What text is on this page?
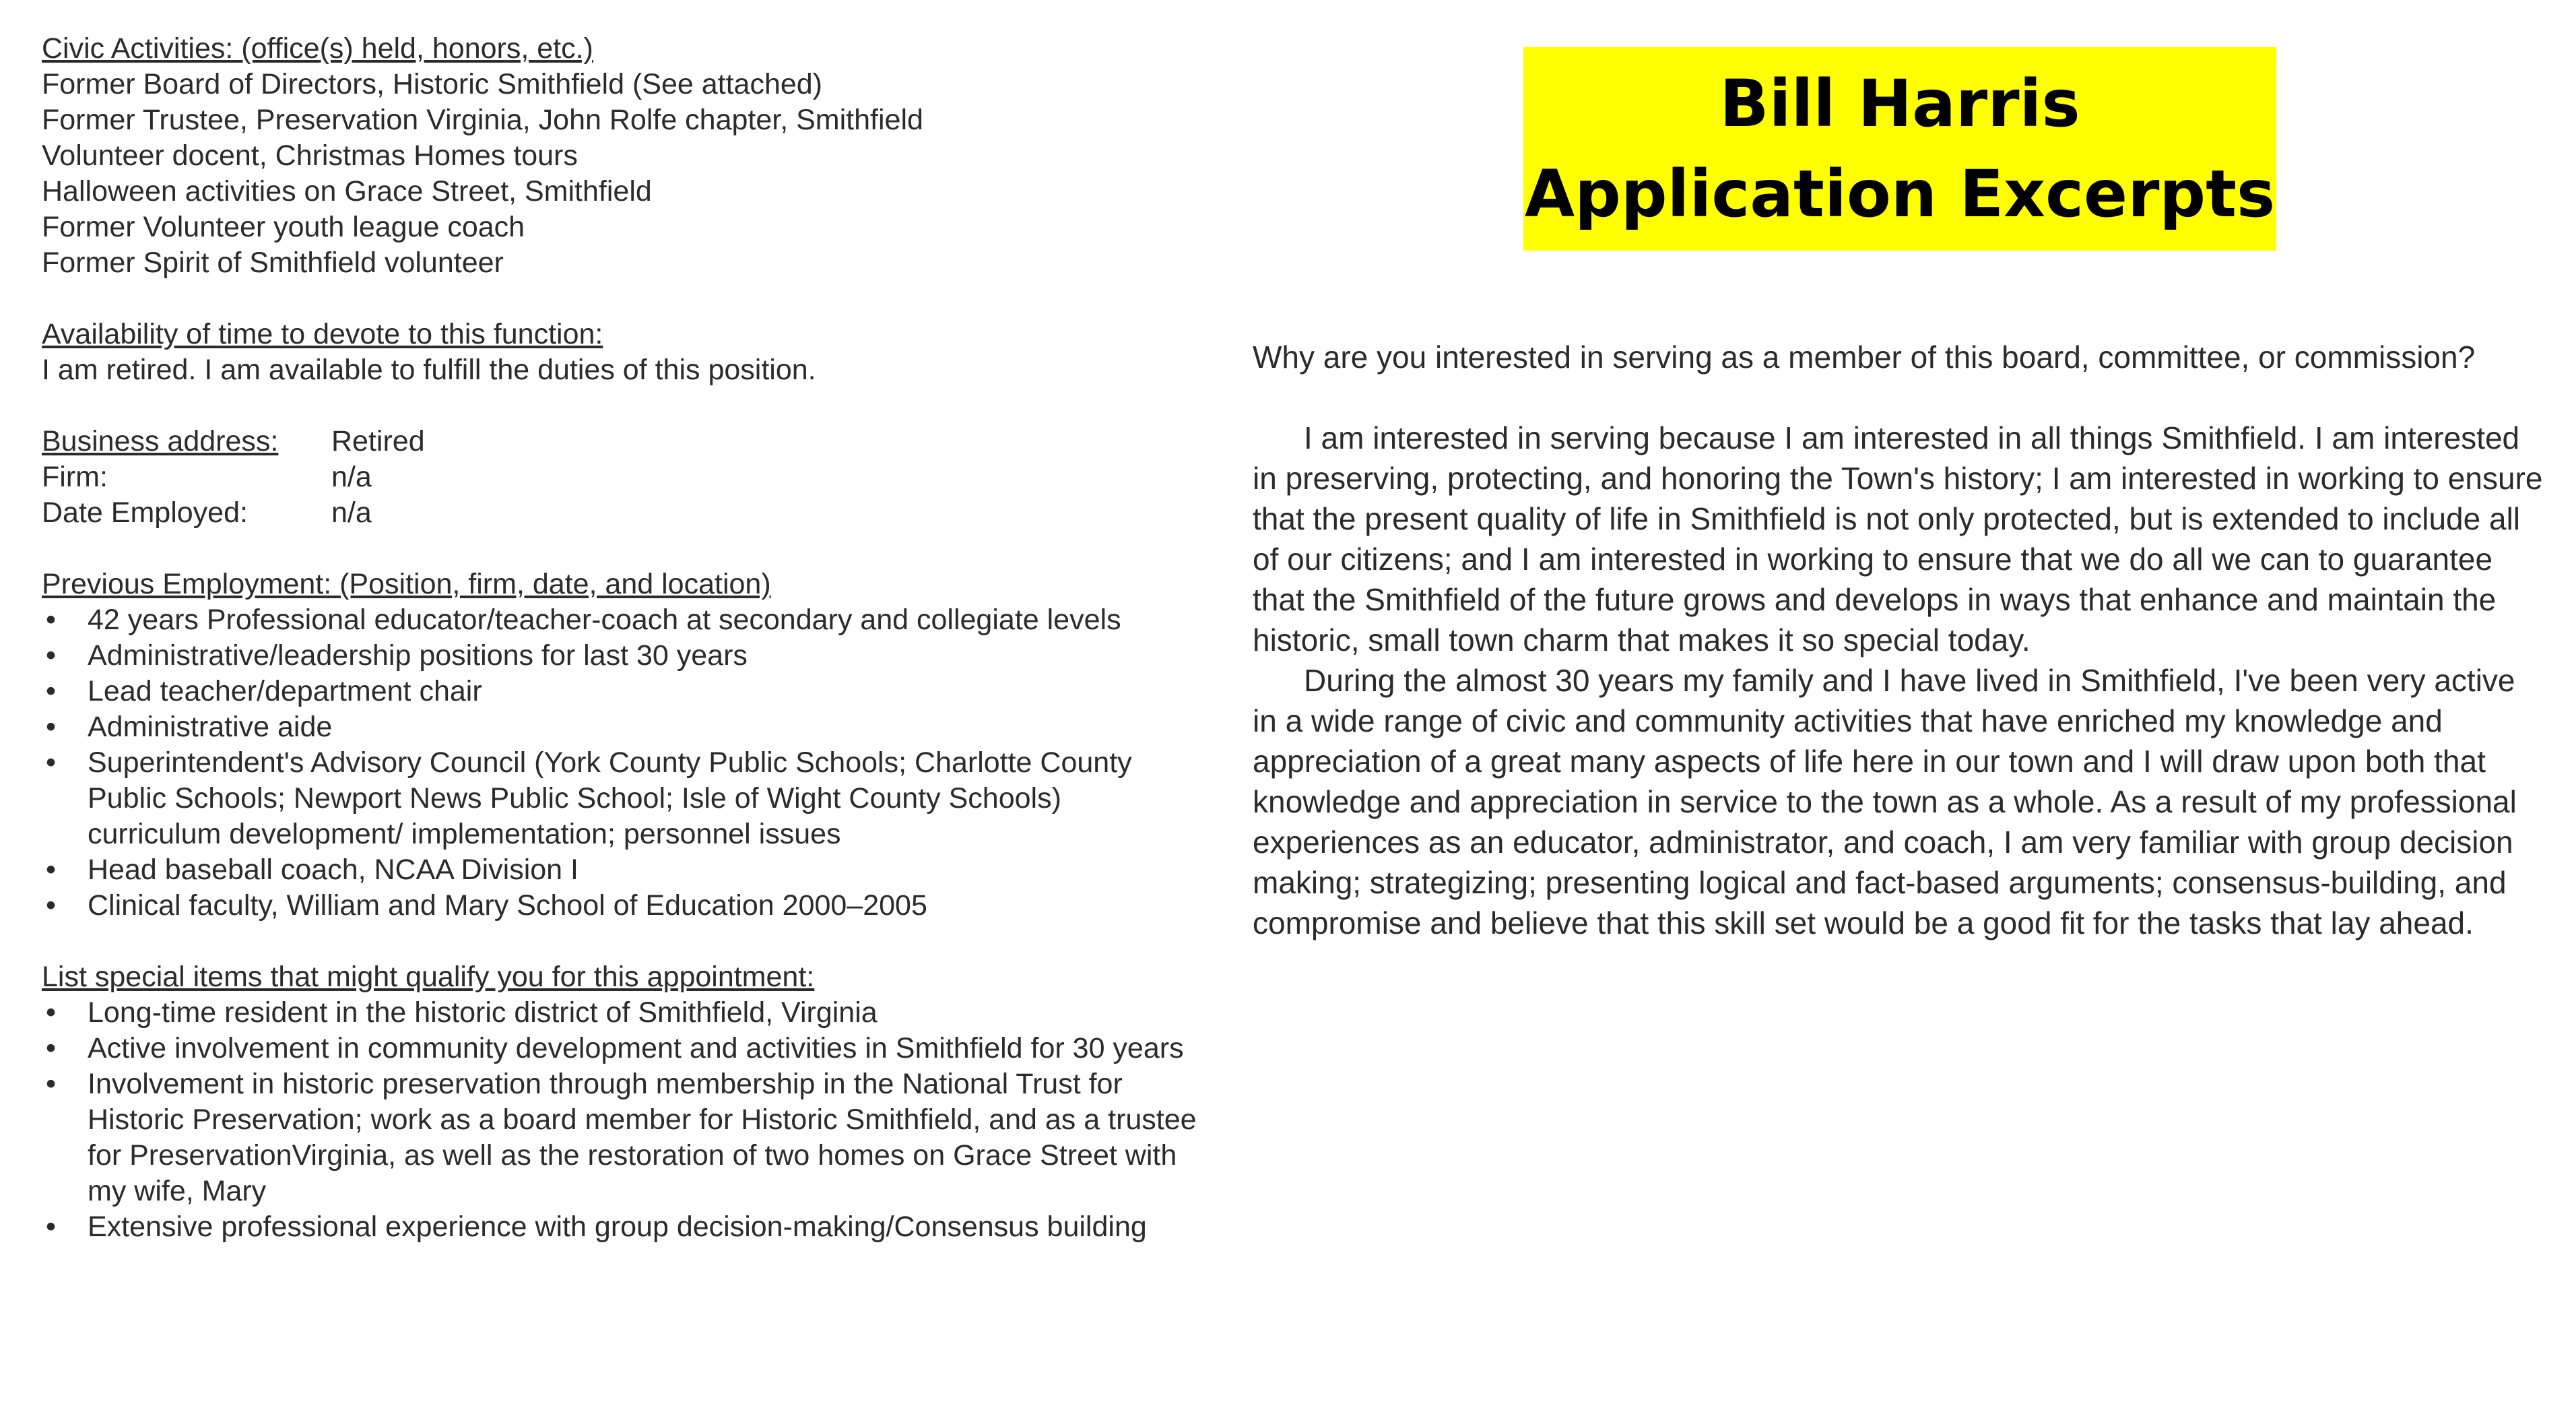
Civic Activities: (office(s) held, honors, etc.)
Former Board of Directors, Historic Smithfield (See attached)
Former Trustee, Preservation Virginia, John Rolfe chapter, Smithfield
Volunteer docent, Christmas Homes tours
Halloween activities on Grace Street, Smithfield
Former Volunteer youth league coach
Former Spirit of Smithfield volunteer
Availability of time to devote to this function:
I am retired. I am available to fulfill the duties of this position.
Business address:	Retired
Firm:	n/a
Date Employed:	n/a
Previous Employment: (Position, firm, date, and location)
• 42 years Professional educator/teacher-coach at secondary and collegiate levels
• Administrative/leadership positions for last 30 years
• Lead teacher/department chair
• Administrative aide
• Superintendent's Advisory Council (York County Public Schools; Charlotte County Public Schools; Newport News Public School; Isle of Wight County Schools) curriculum development/ implementation; personnel issues
• Head baseball coach, NCAA Division I
• Clinical faculty, William and Mary School of Education 2000–2005
List special items that might qualify you for this appointment:
• Long-time resident in the historic district of Smithfield, Virginia
• Active involvement in community development and activities in Smithfield for 30 years
• Involvement in historic preservation through membership in the National Trust for Historic Preservation; work as a board member for Historic Smithfield, and as a trustee for PreservationVirginia, as well as the restoration of two homes on Grace Street with my wife, Mary
• Extensive professional experience with group decision-making/Consensus building
Bill Harris
Application Excerpts

Why are you interested in serving as a member of this board, committee, or commission?

I am interested in serving because I am interested in all things Smithfield. I am interested in preserving, protecting, and honoring the Town's history; I am interested in working to ensure that the present quality of life in Smithfield is not only protected, but is extended to include all of our citizens; and I am interested in working to ensure that we do all we can to guarantee that the Smithfield of the future grows and develops in ways that enhance and maintain the historic, small town charm that makes it so special today.

During the almost 30 years my family and I have lived in Smithfield, I've been very active in a wide range of civic and community activities that have enriched my knowledge and appreciation of a great many aspects of life here in our town and I will draw upon both that knowledge and appreciation in service to the town as a whole. As a result of my professional experiences as an educator, administrator, and coach, I am very familiar with group decision making; strategizing; presenting logical and fact-based arguments; consensus-building, and compromise and believe that this skill set would be a good fit for the tasks that lay ahead.
